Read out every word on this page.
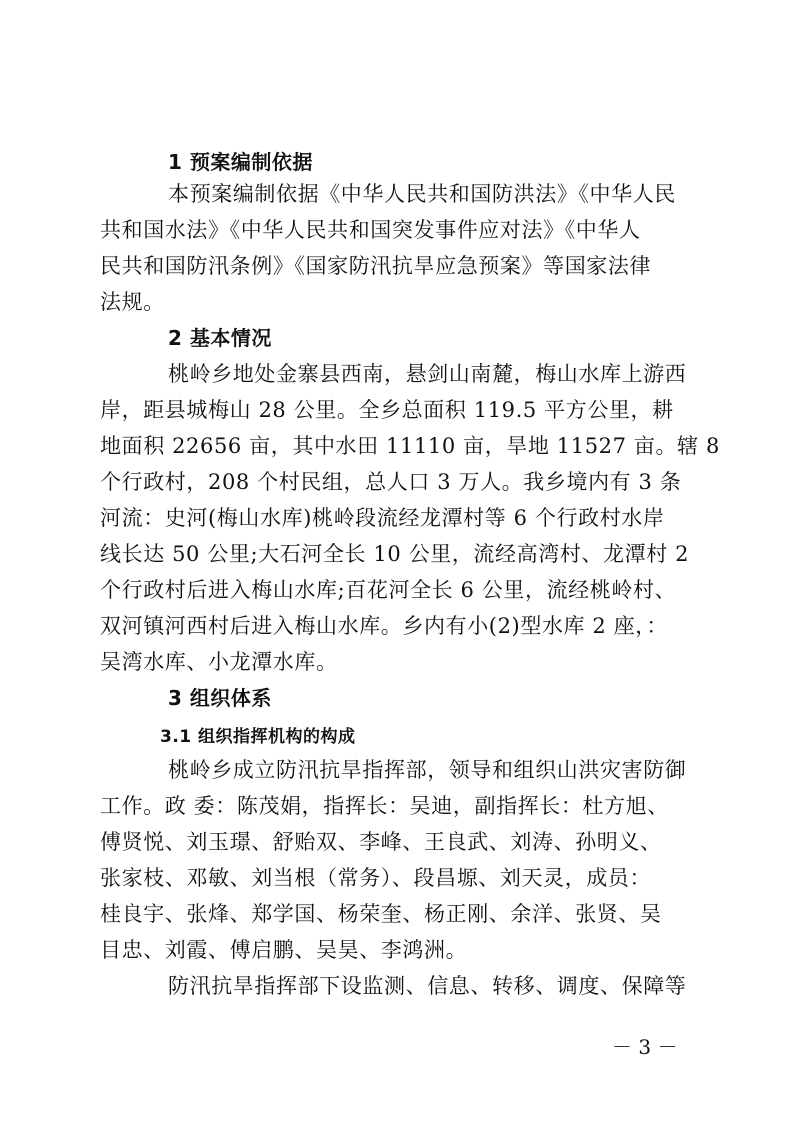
1 预案编制依据
本预案编制依据《中华人民共和国防洪法》《中华人民
共和国水法》《中华人民共和国突发事件应对法》《中华人
民共和国防汛条例》《国家防汛抗旱应急预案》等国家法律
法规。
2 基本情况
桃岭乡地处金寨县西南，悬剑山南麓，梅山水库上游西
岸，距县城梅山 28 公里。全乡总面积 119.5 平方公里，耕
地面积 22656 亩，其中水田 11110 亩，旱地 11527 亩。辖 8
个行政村，208 个村民组，总人口 3 万人。我乡境内有 3 条
河流：史河(梅山水库)桃岭段流经龙潭村等 6 个行政村水岸
线长达 50 公里;大石河全长 10 公里，流经高湾村、龙潭村 2
个行政村后进入梅山水库;百花河全长 6 公里，流经桃岭村、
双河镇河西村后进入梅山水库。乡内有小(2)型水库 2 座，：
吴湾水库、小龙潭水库。
3 组织体系
3.1 组织指挥机构的构成
桃岭乡成立防汛抗旱指挥部，领导和组织山洪灾害防御
工作。政 委：陈茂娟，指挥长：吴迪，副指挥长：杜方旭、
傅贤悦、刘玉璟、舒贻双、李峰、王良武、刘涛、孙明义、
张家枝、邓敏、刘当根（常务）、段昌塬、刘天灵，成员：
桂良宇、张烽、郑学国、杨荣奎、杨正刚、余洋、张贤、吴
目忠、刘霞、傅启鹏、吴昊、李鸿洲。
防汛抗旱指挥部下设监测、信息、转移、调度、保障等
－ 3 －
